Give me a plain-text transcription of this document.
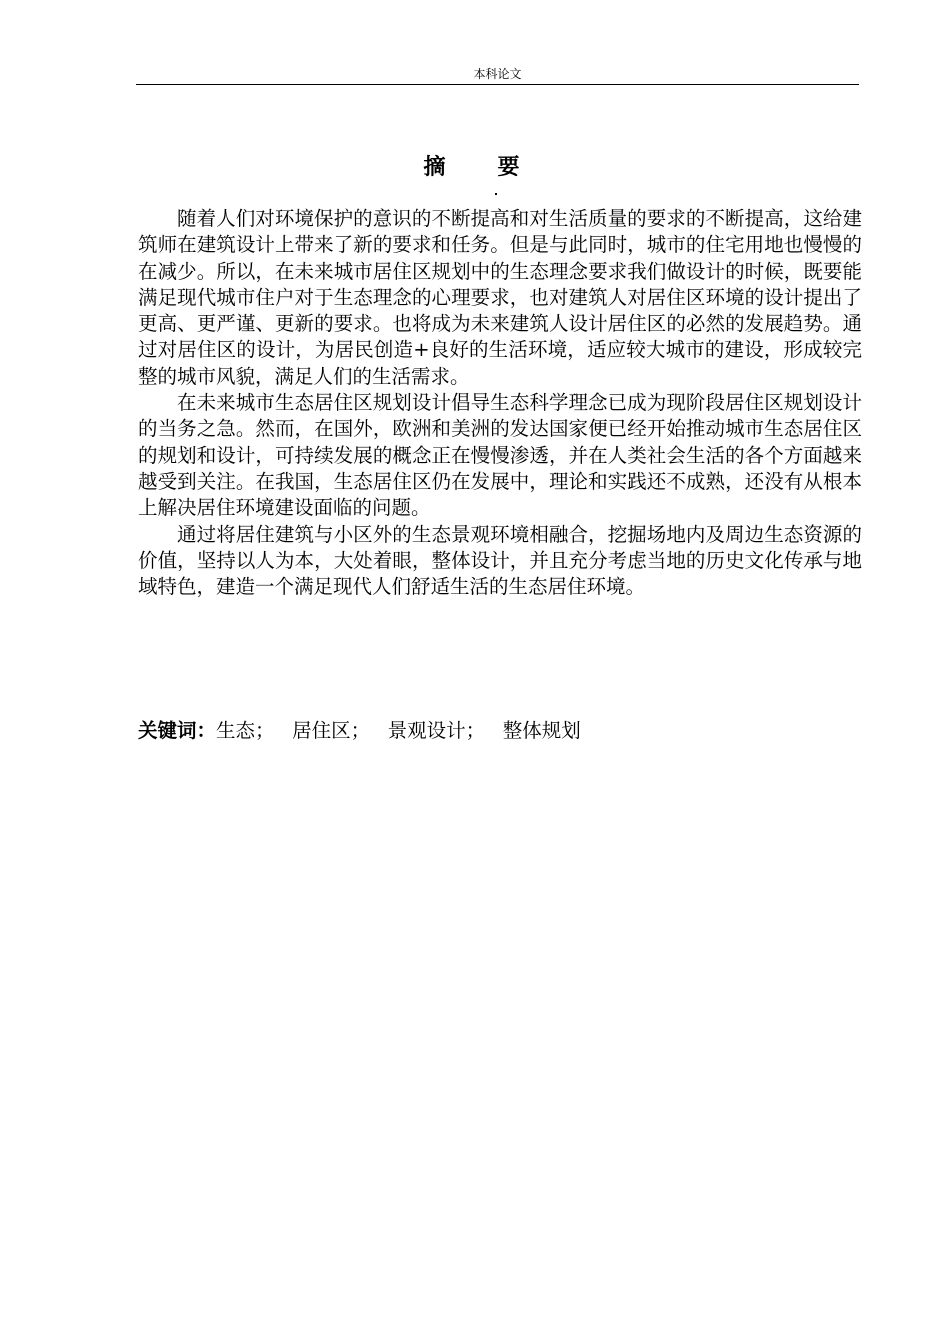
本科论文
摘要

随着人们对环境保护的意识的不断提高和对生活质量的要求的不断提高，这给建筑师在建筑设计上带来了新的要求和任务。但是与此同时，城市的住宅用地也慢慢的在减少。所以，在未来城市居住区规划中的生态理念要求我们做设计的时候，既要能满足现代城市住户对于生态理念的心理要求，也对建筑人对居住区环境的设计提出了更高、更严谨、更新的要求。也将成为未来建筑人设计居住区的必然的发展趋势。通过对居住区的设计，为居民创造+良好的生活环境，适应较大城市的建设，形成较完整的城市风貌，满足人们的生活需求。

在未来城市生态居住区规划设计倡导生态科学理念已成为现阶段居住区规划设计的当务之急。然而，在国外，欧洲和美洲的发达国家便已经开始推动城市生态居住区的规划和设计，可持续发展的概念正在慢慢渗透，并在人类社会生活的各个方面越来越受到关注。在我国，生态居住区仍在发展中，理论和实践还不成熟，还没有从根本上解决居住环境建设面临的问题。

通过将居住建筑与小区外的生态景观环境相融合，挖掘场地内及周边生态资源的价值，坚持以人为本，大处着眼，整体设计，并且充分考虑当地的历史文化传承与地域特色，建造一个满足现代人们舒适生活的生态居住环境。

关键词：生态； 居住区； 景观设计； 整体规划
